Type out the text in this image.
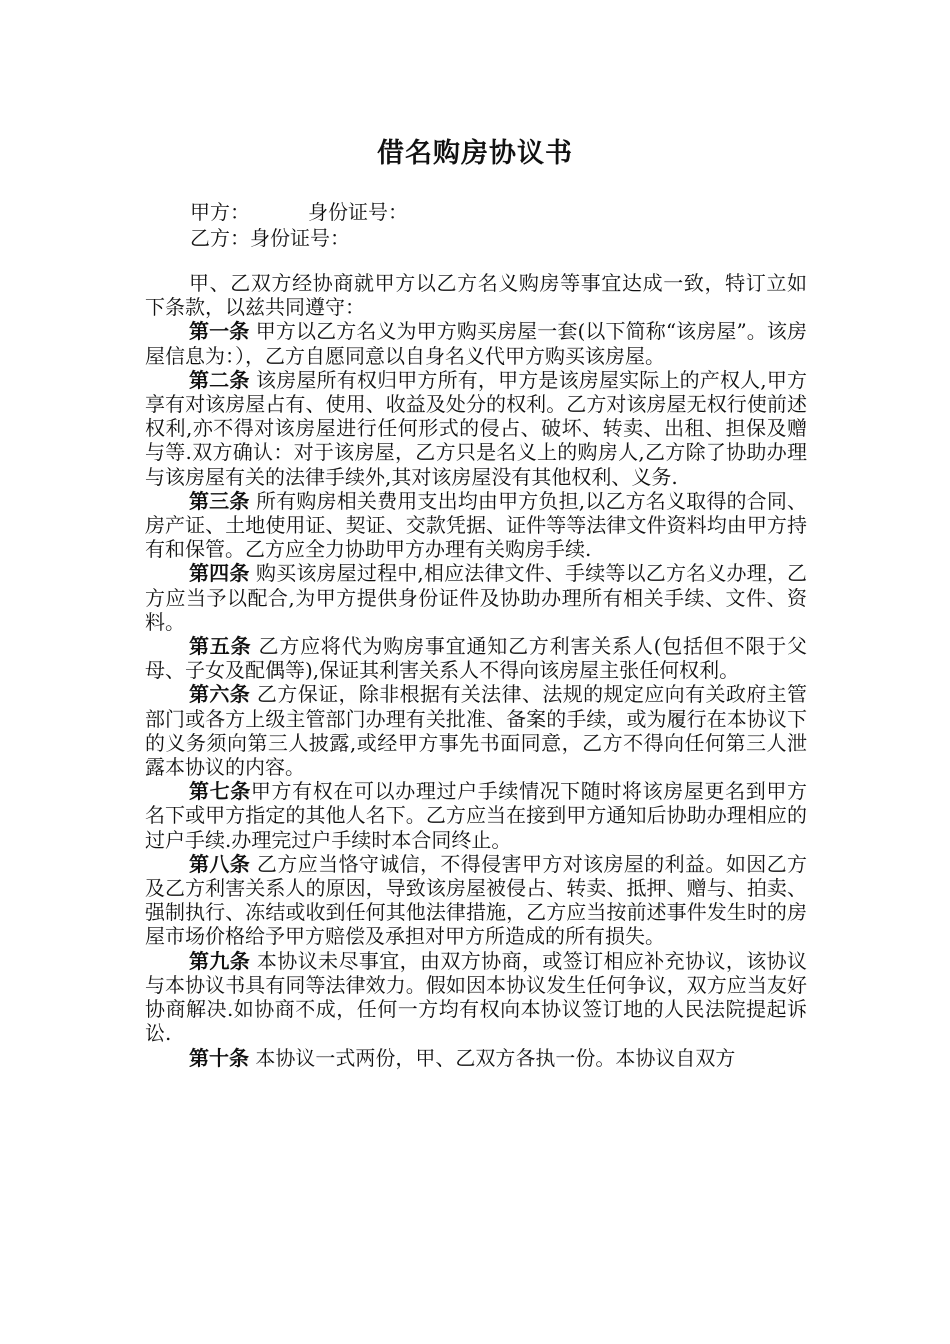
借名购房协议书
甲方：	身份证号：
乙方：身份证号：

甲、乙双方经协商就甲方以乙方名义购房等事宜达成一致，特订立如下条款，以兹共同遵守：

第一条 甲方以乙方名义为甲方购买房屋一套(以下简称“该房屋”。该房屋信息为：），乙方自愿同意以自身名义代甲方购买该房屋。

第二条 该房屋所有权归甲方所有，甲方是该房屋实际上的产权人,甲方享有对该房屋占有、使用、收益及处分的权利。乙方对该房屋无权行使前述权利,亦不得对该房屋进行任何形式的侵占、破坏、转卖、出租、担保及赠与等.双方确认：对于该房屋，乙方只是名义上的购房人,乙方除了协助办理与该房屋有关的法律手续外,其对该房屋没有其他权利、义务.

第三条 所有购房相关费用支出均由甲方负担,以乙方名义取得的合同、房产证、土地使用证、契证、交款凭据、证件等等法律文件资料均由甲方持有和保管。乙方应全力协助甲方办理有关购房手续.

第四条 购买该房屋过程中,相应法律文件、手续等以乙方名义办理，乙方应当予以配合,为甲方提供身份证件及协助办理所有相关手续、文件、资料。

第五条 乙方应将代为购房事宜通知乙方利害关系人(包括但不限于父母、子女及配偶等),保证其利害关系人不得向该房屋主张任何权利。

第六条 乙方保证，除非根据有关法律、法规的规定应向有关政府主管部门或各方上级主管部门办理有关批准、备案的手续，或为履行在本协议下的义务须向第三人披露,或经甲方事先书面同意，乙方不得向任何第三人泄露本协议的内容。

第七条甲方有权在可以办理过户手续情况下随时将该房屋更名到甲方名下或甲方指定的其他人名下。乙方应当在接到甲方通知后协助办理相应的过户手续.办理完过户手续时本合同终止。

第八条 乙方应当恪守诚信，不得侵害甲方对该房屋的利益。如因乙方及乙方利害关系人的原因，导致该房屋被侵占、转卖、抵押、赠与、拍卖、强制执行、冻结或收到任何其他法律措施，乙方应当按前述事件发生时的房屋市场价格给予甲方赔偿及承担对甲方所造成的所有损失。

第九条 本协议未尽事宜，由双方协商，或签订相应补充协议，该协议与本协议书具有同等法律效力。假如因本协议发生任何争议，双方应当友好协商解决.如协商不成，任何一方均有权向本协议签订地的人民法院提起诉讼.

第十条 本协议一式两份，甲、乙双方各执一份。本协议自双方
